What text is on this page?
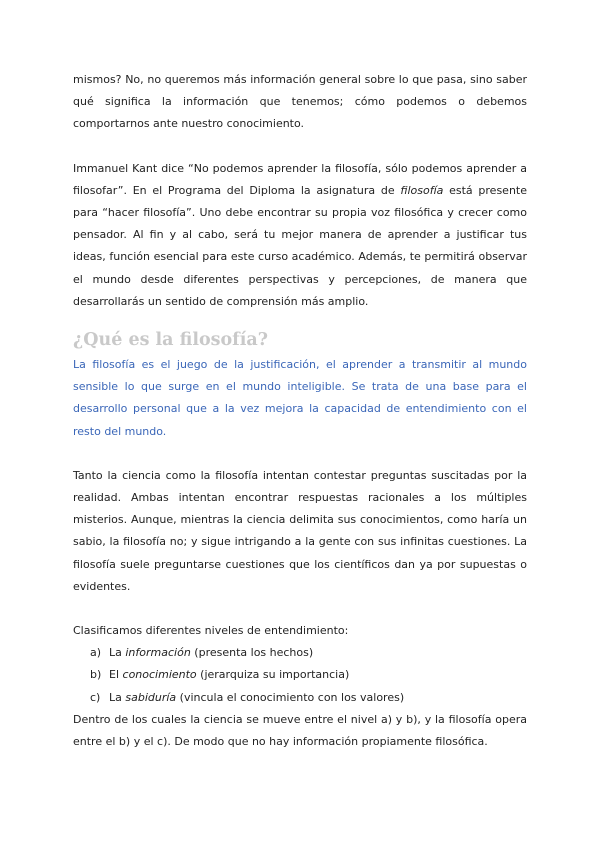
mismos? No, no queremos más información general sobre lo que pasa, sino saber qué significa la información que tenemos; cómo podemos o debemos comportarnos ante nuestro conocimiento.

Immanuel Kant dice “No podemos aprender la filosofía, sólo podemos aprender a filosofar”. En el Programa del Diploma la asignatura de filosofía está presente para “hacer filosofía”. Uno debe encontrar su propia voz filosófica y crecer como pensador. Al fin y al cabo, será tu mejor manera de aprender a justificar tus ideas, función esencial para este curso académico. Además, te permitirá observar el mundo desde diferentes perspectivas y percepciones, de manera que desarrollarás un sentido de comprensión más amplio.

¿Qué es la filosofía?

La filosofía es el juego de la justificación, el aprender a transmitir al mundo sensible lo que surge en el mundo inteligible. Se trata de una base para el desarrollo personal que a la vez mejora la capacidad de entendimiento con el resto del mundo.

Tanto la ciencia como la filosofía intentan contestar preguntas suscitadas por la realidad. Ambas intentan encontrar respuestas racionales a los múltiples misterios. Aunque, mientras la ciencia delimita sus conocimientos, como haría un sabio, la filosofía no; y sigue intrigando a la gente con sus infinitas cuestiones. La filosofía suele preguntarse cuestiones que los científicos dan ya por supuestas o evidentes.

Clasificamos diferentes niveles de entendimiento:

a) La información (presenta los hechos)
b) El conocimiento (jerarquiza su importancia)
c) La sabiduría (vincula el conocimiento con los valores)

Dentro de los cuales la ciencia se mueve entre el nivel a) y b), y la filosofía opera entre el b) y el c). De modo que no hay información propiamente filosófica.
